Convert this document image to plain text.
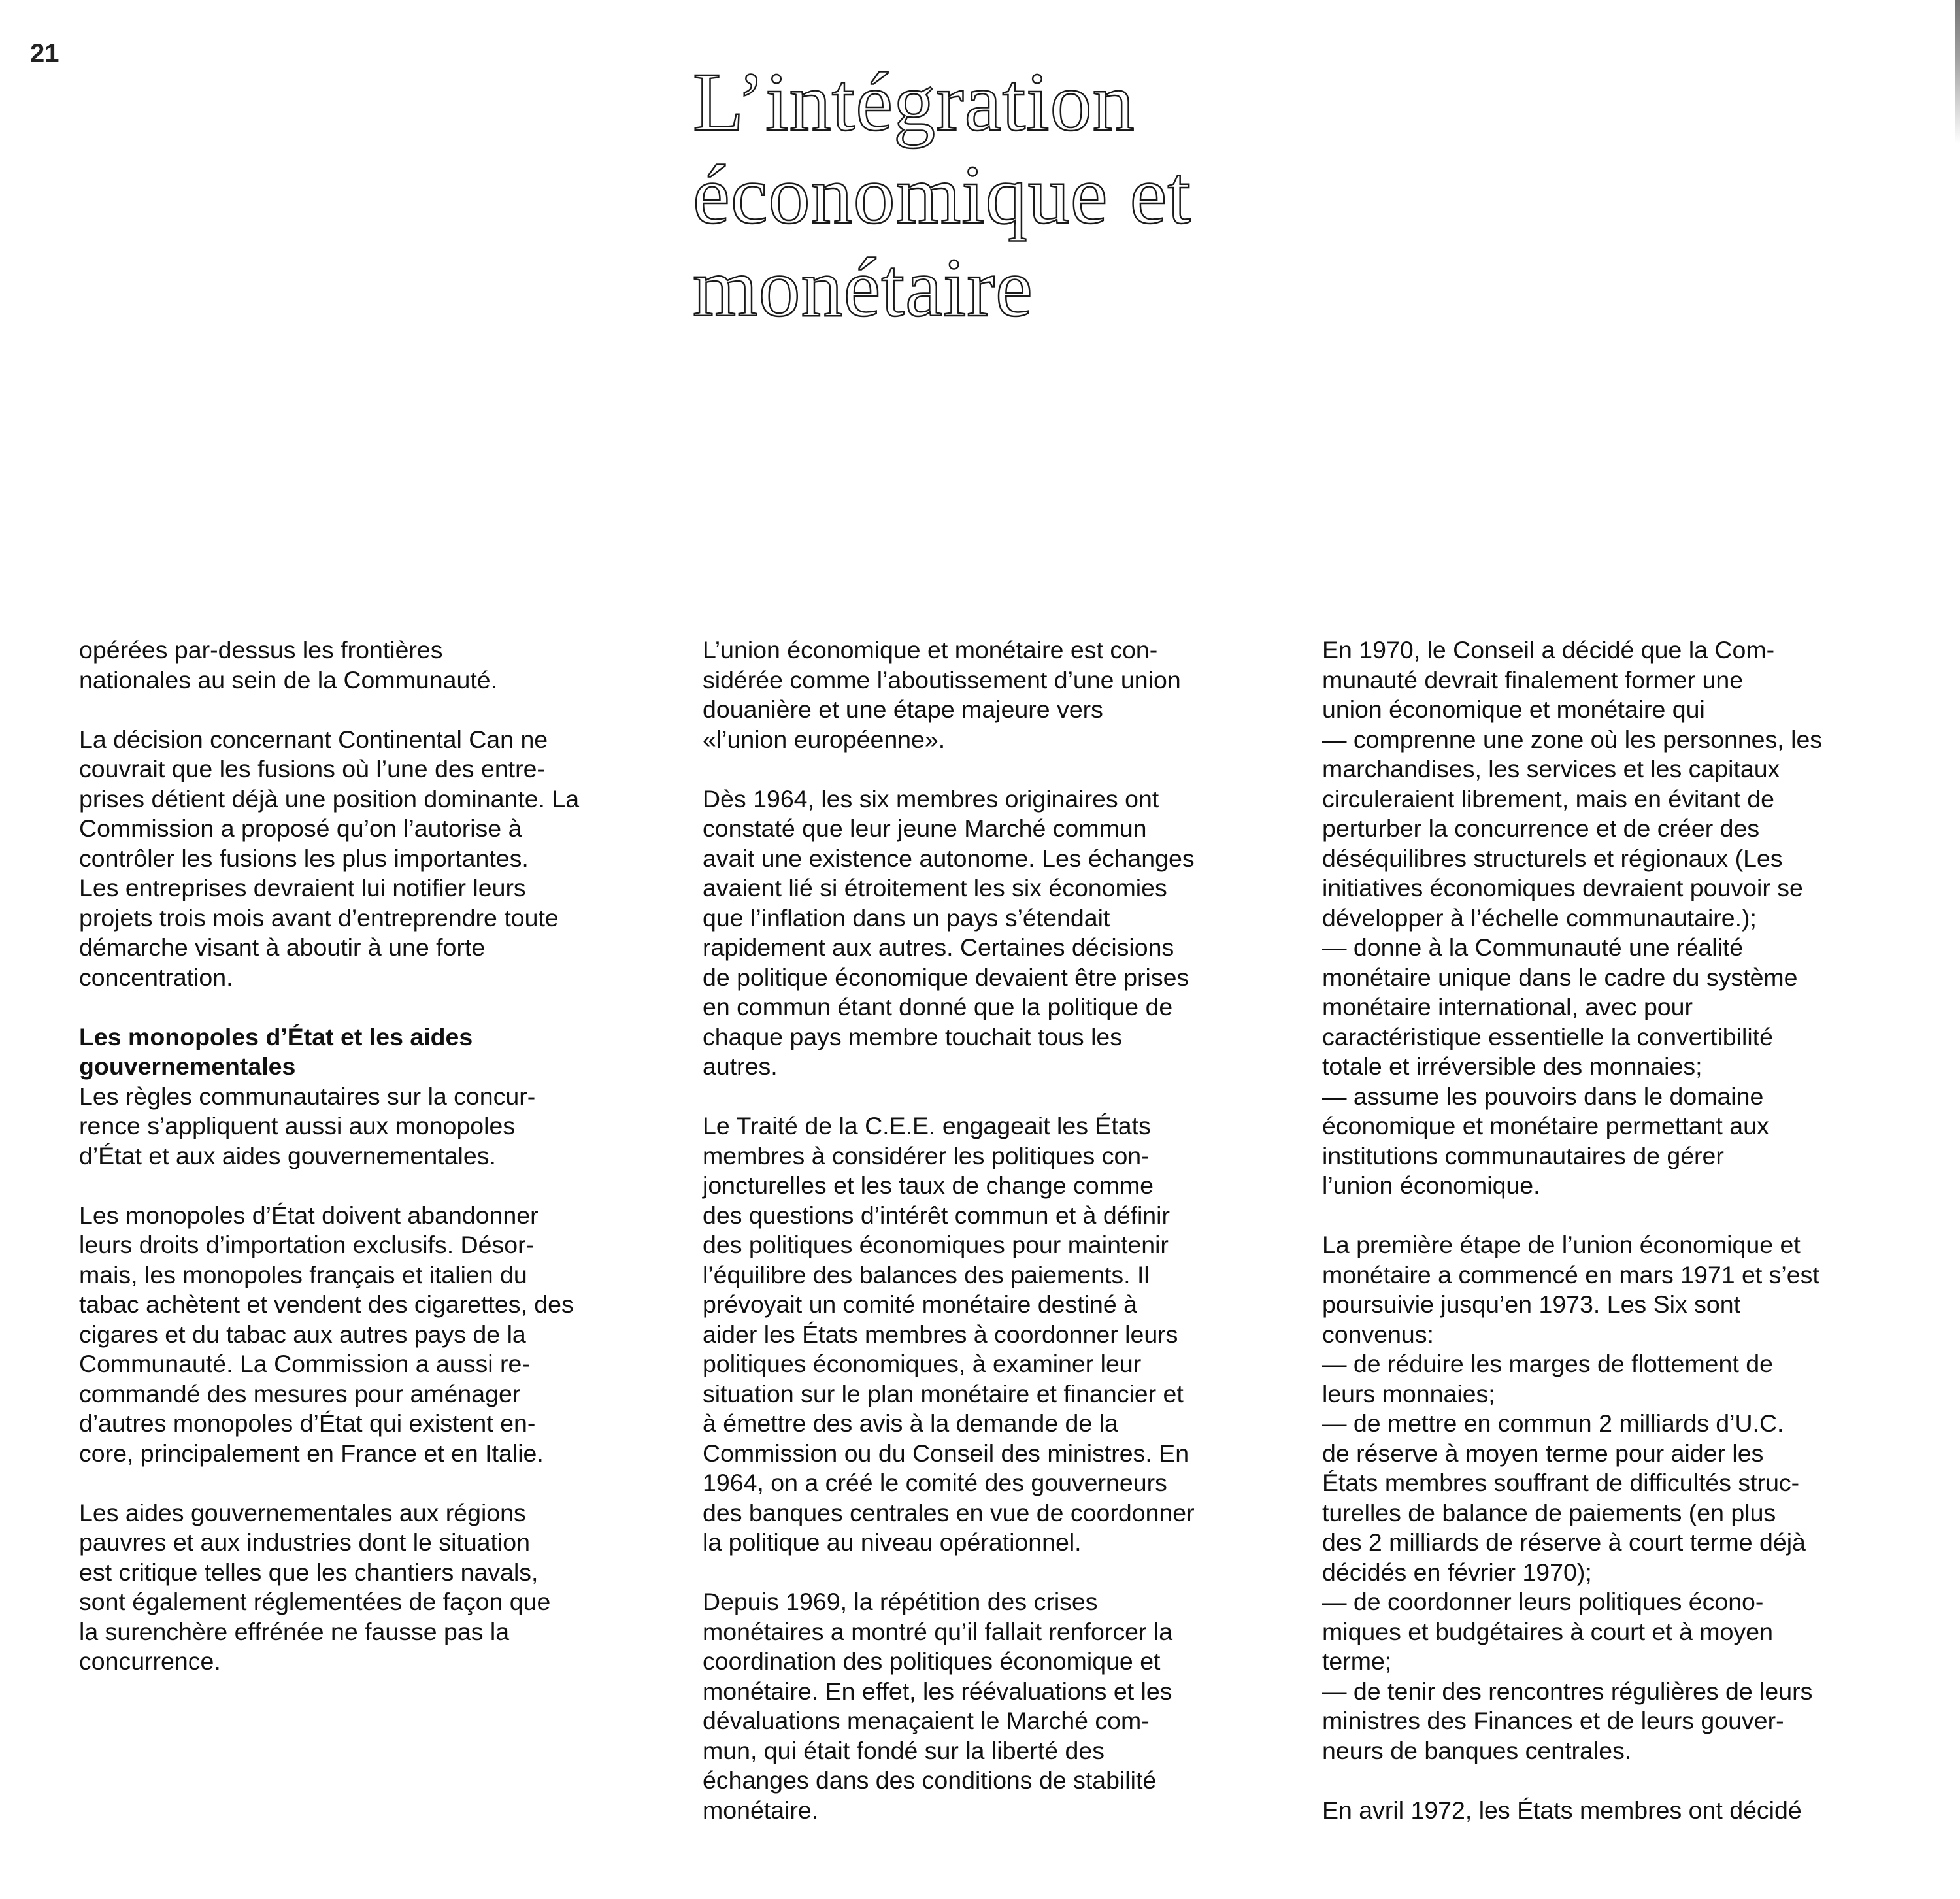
21
L’intégration
économique et
monétaire

opérées par-dessus les frontières
nationales au sein de la Communauté.

La décision concernant Continental Can ne
couvrait que les fusions où l’une des entre-
prises détient déjà une position dominante. La
Commission a proposé qu’on l’autorise à
contrôler les fusions les plus importantes.
Les entreprises devraient lui notifier leurs
projets trois mois avant d’entreprendre toute
démarche visant à aboutir à une forte
concentration.

Les monopoles d’État et les aides
gouvernementales

Les règles communautaires sur la concur-
rence s’appliquent aussi aux monopoles
d’État et aux aides gouvernementales.

Les monopoles d’État doivent abandonner
leurs droits d’importation exclusifs. Désor-
mais, les monopoles français et italien du
tabac achètent et vendent des cigarettes, des
cigares et du tabac aux autres pays de la
Communauté. La Commission a aussi re-
commandé des mesures pour aménager
d’autres monopoles d’État qui existent en-
core, principalement en France et en Italie.

Les aides gouvernementales aux régions
pauvres et aux industries dont le situation
est critique telles que les chantiers navals,
sont également réglementées de façon que
la surenchère effrénée ne fausse pas la
concurrence.

L’union économique et monétaire est con-
sidérée comme l’aboutissement d’une union
douanière et une étape majeure vers
«l’union européenne».

Dès 1964, les six membres originaires ont
constaté que leur jeune Marché commun
avait une existence autonome. Les échanges
avaient lié si étroitement les six économies
que l’inflation dans un pays s’étendait
rapidement aux autres. Certaines décisions
de politique économique devaient être prises
en commun étant donné que la politique de
chaque pays membre touchait tous les
autres.

Le Traité de la C.E.E. engageait les États
membres à considérer les politiques con-
joncturelles et les taux de change comme
des questions d’intérêt commun et à définir
des politiques économiques pour maintenir
l’équilibre des balances des paiements. Il
prévoyait un comité monétaire destiné à
aider les États membres à coordonner leurs
politiques économiques, à examiner leur
situation sur le plan monétaire et financier et
à émettre des avis à la demande de la
Commission ou du Conseil des ministres. En
1964, on a créé le comité des gouverneurs
des banques centrales en vue de coordonner
la politique au niveau opérationnel.

Depuis 1969, la répétition des crises
monétaires a montré qu’il fallait renforcer la
coordination des politiques économique et
monétaire. En effet, les réévaluations et les
dévaluations menaçaient le Marché com-
mun, qui était fondé sur la liberté des
échanges dans des conditions de stabilité
monétaire.

En 1970, le Conseil a décidé que la Com-
munauté devrait finalement former une
union économique et monétaire qui
— comprenne une zone où les personnes, les
marchandises, les services et les capitaux
circuleraient librement, mais en évitant de
perturber la concurrence et de créer des
déséquilibres structurels et régionaux (Les
initiatives économiques devraient pouvoir se
développer à l’échelle communautaire.);
— donne à la Communauté une réalité
monétaire unique dans le cadre du système
monétaire international, avec pour
caractéristique essentielle la convertibilité
totale et irréversible des monnaies;
— assume les pouvoirs dans le domaine
économique et monétaire permettant aux
institutions communautaires de gérer
l’union économique.

La première étape de l’union économique et
monétaire a commencé en mars 1971 et s’est
poursuivie jusqu’en 1973. Les Six sont
convenus:
— de réduire les marges de flottement de
leurs monnaies;
— de mettre en commun 2 milliards d’U.C.
de réserve à moyen terme pour aider les
États membres souffrant de difficultés struc-
turelles de balance de paiements (en plus
des 2 milliards de réserve à court terme déjà
décidés en février 1970);
— de coordonner leurs politiques écono-
miques et budgétaires à court et à moyen
terme;
— de tenir des rencontres régulières de leurs
ministres des Finances et de leurs gouver-
neurs de banques centrales.

En avril 1972, les États membres ont décidé
